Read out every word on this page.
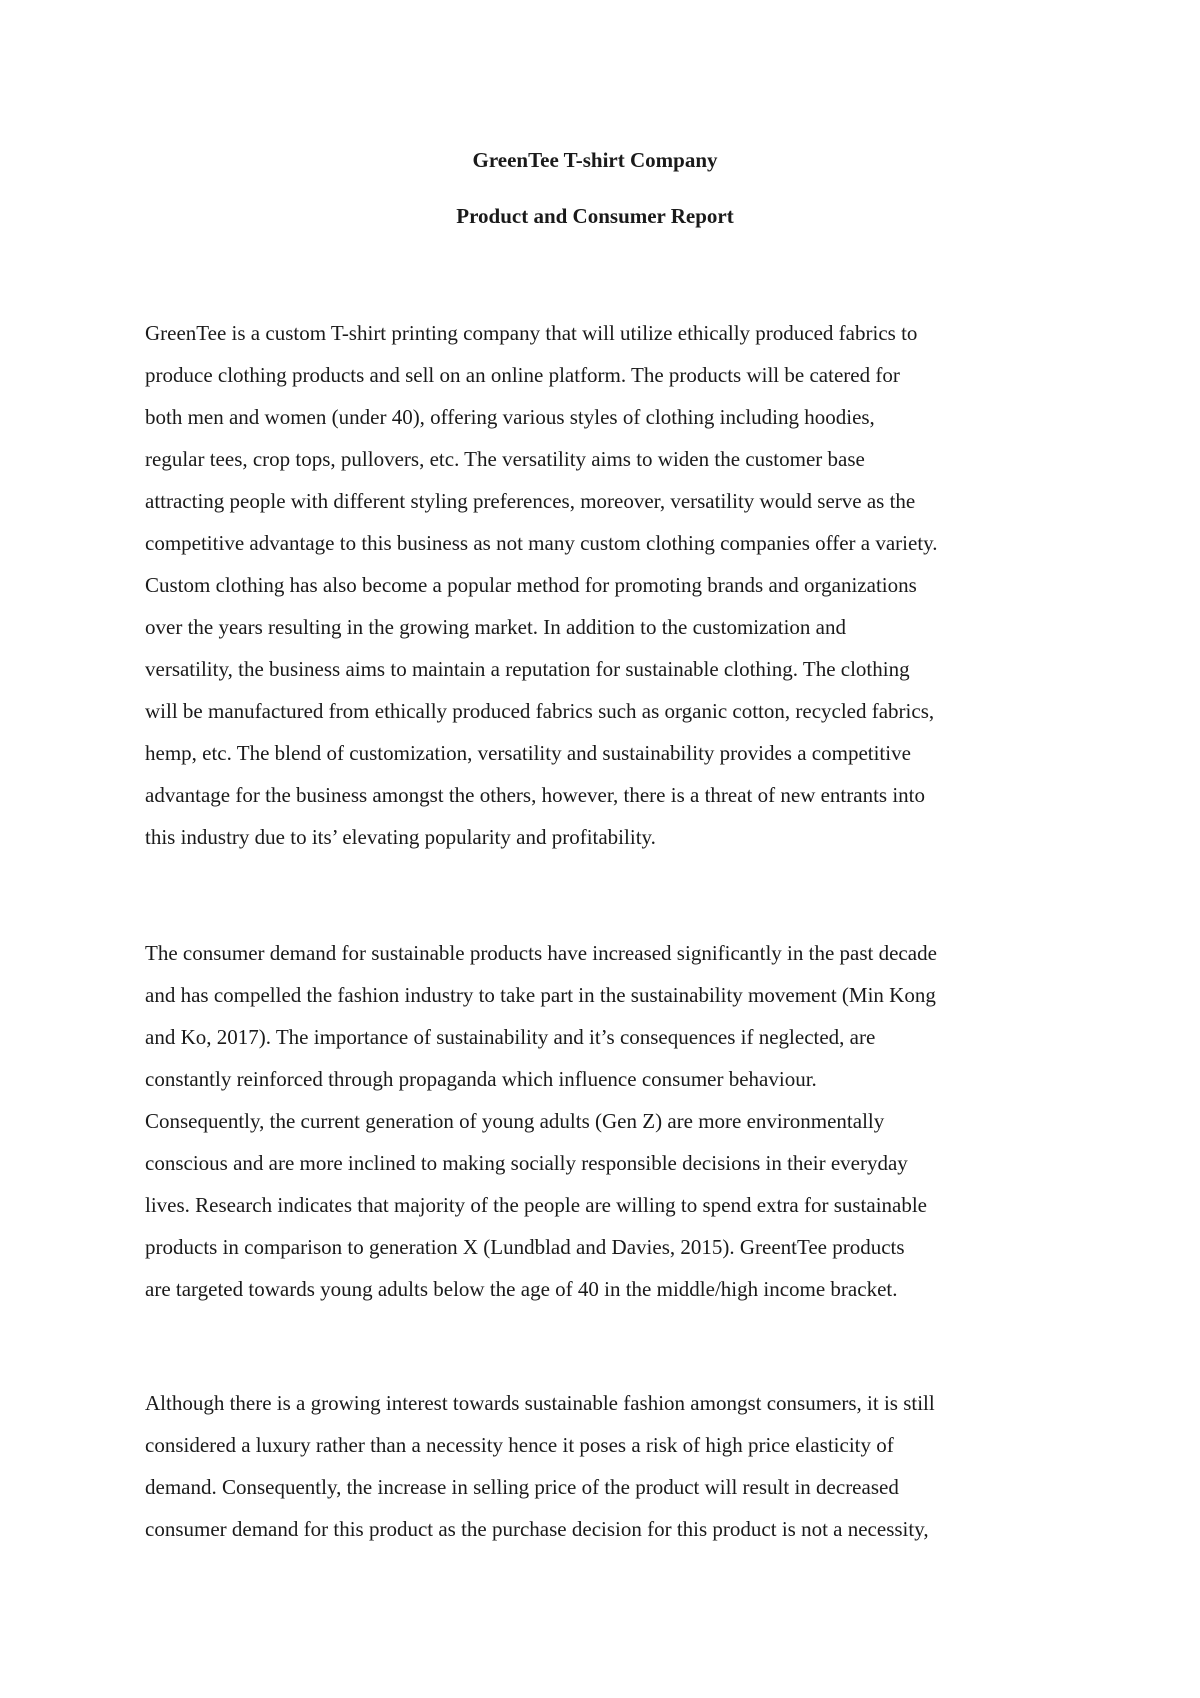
GreenTee T-shirt Company
Product and Consumer Report

GreenTee is a custom T-shirt printing company that will utilize ethically produced fabrics to
produce clothing products and sell on an online platform. The products will be catered for
both men and women (under 40), offering various styles of clothing including hoodies,
regular tees, crop tops, pullovers, etc. The versatility aims to widen the customer base
attracting people with different styling preferences, moreover, versatility would serve as the
competitive advantage to this business as not many custom clothing companies offer a variety.
Custom clothing has also become a popular method for promoting brands and organizations
over the years resulting in the growing market. In addition to the customization and
versatility, the business aims to maintain a reputation for sustainable clothing. The clothing
will be manufactured from ethically produced fabrics such as organic cotton, recycled fabrics,
hemp, etc. The blend of customization, versatility and sustainability provides a competitive
advantage for the business amongst the others, however, there is a threat of new entrants into
this industry due to its’ elevating popularity and profitability.

The consumer demand for sustainable products have increased significantly in the past decade
and has compelled the fashion industry to take part in the sustainability movement (Min Kong
and Ko, 2017). The importance of sustainability and it’s consequences if neglected, are
constantly reinforced through propaganda which influence consumer behaviour.
Consequently, the current generation of young adults (Gen Z) are more environmentally
conscious and are more inclined to making socially responsible decisions in their everyday
lives. Research indicates that majority of the people are willing to spend extra for sustainable
products in comparison to generation X (Lundblad and Davies, 2015). GreentTee products
are targeted towards young adults below the age of 40 in the middle/high income bracket.

Although there is a growing interest towards sustainable fashion amongst consumers, it is still
considered a luxury rather than a necessity hence it poses a risk of high price elasticity of
demand. Consequently, the increase in selling price of the product will result in decreased
consumer demand for this product as the purchase decision for this product is not a necessity,
